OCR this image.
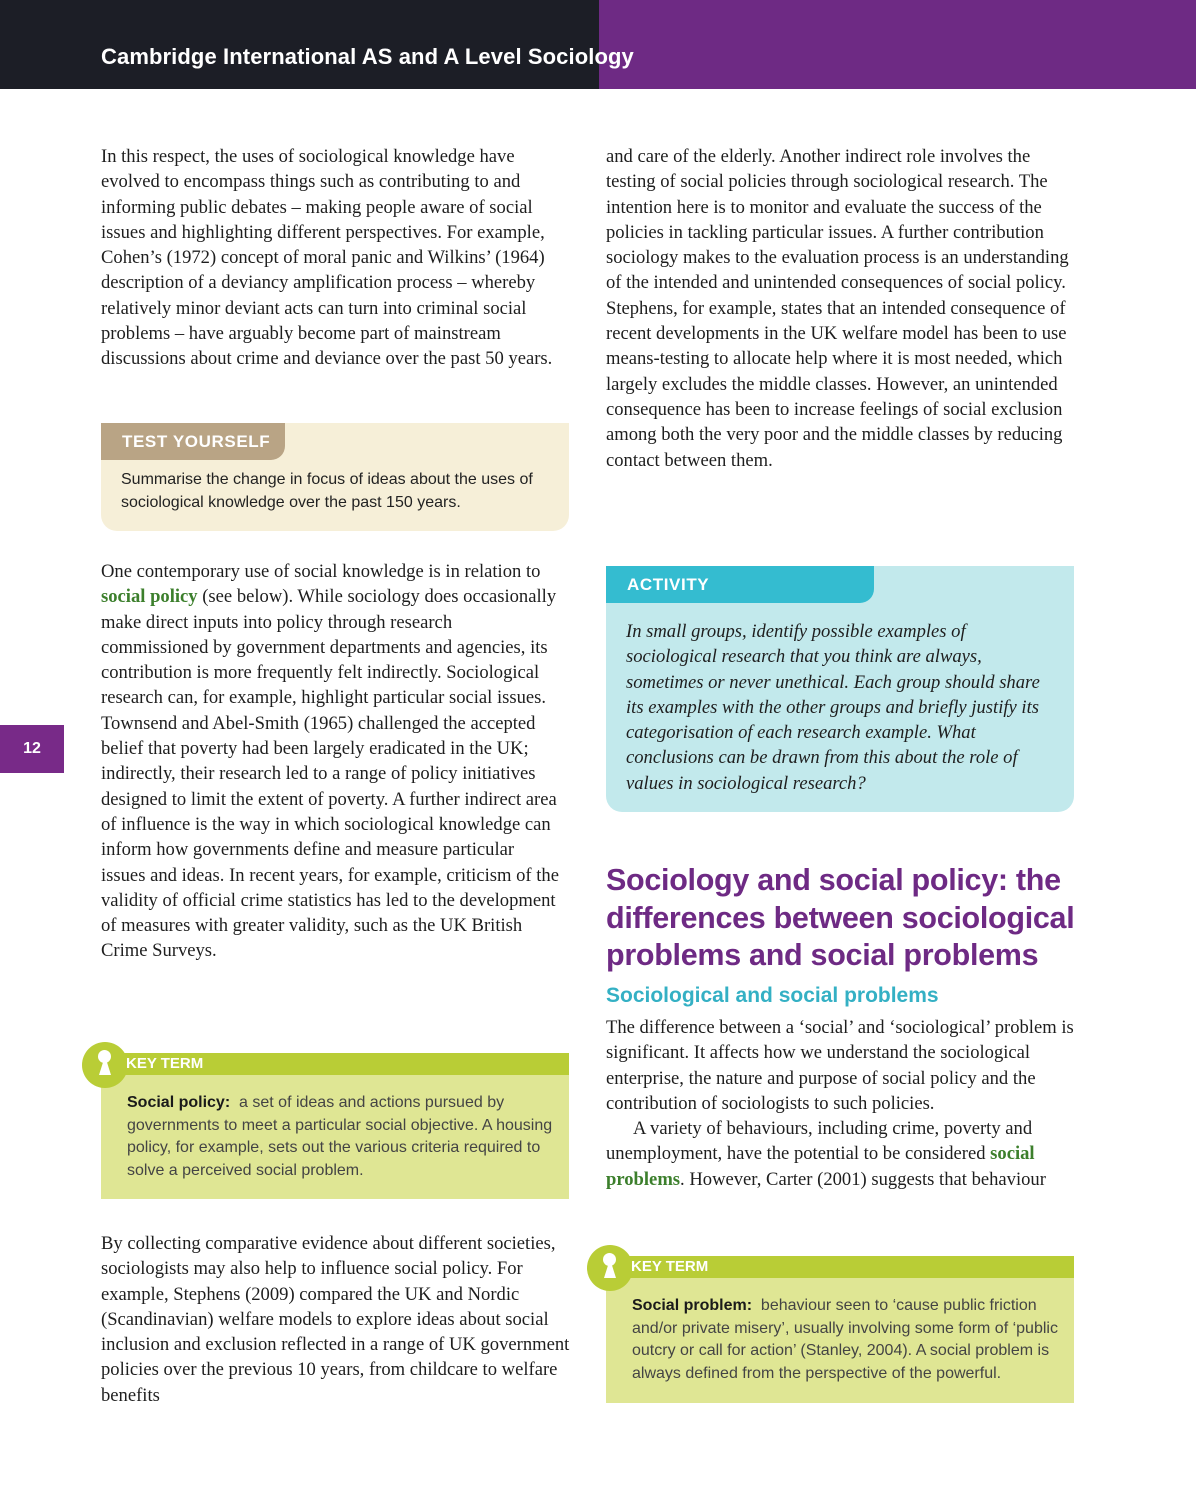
Cambridge International AS and A Level Sociology
12

In this respect, the uses of sociological knowledge have evolved to encompass things such as contributing to and informing public debates – making people aware of social issues and highlighting different perspectives. For example, Cohen’s (1972) concept of moral panic and Wilkins’ (1964) description of a deviancy amplification process – whereby relatively minor deviant acts can turn into criminal social problems – have arguably become part of mainstream discussions about crime and deviance over the past 50 years.

TEST YOURSELF

Summarise the change in focus of ideas about the uses of sociological knowledge over the past 150 years.

One contemporary use of social knowledge is in relation to social policy (see below). While sociology does occasionally make direct inputs into policy through research commissioned by government departments and agencies, its contribution is more frequently felt indirectly. Sociological research can, for example, highlight particular social issues. Townsend and Abel-Smith (1965) challenged the accepted belief that poverty had been largely eradicated in the UK; indirectly, their research led to a range of policy initiatives designed to limit the extent of poverty. A further indirect area of influence is the way in which sociological knowledge can inform how governments define and measure particular issues and ideas. In recent years, for example, criticism of the validity of official crime statistics has led to the development of measures with greater validity, such as the UK British Crime Surveys.

KEY TERM

Social policy: a set of ideas and actions pursued by governments to meet a particular social objective. A housing policy, for example, sets out the various criteria required to solve a perceived social problem.

By collecting comparative evidence about different societies, sociologists may also help to influence social policy. For example, Stephens (2009) compared the UK and Nordic (Scandinavian) welfare models to explore ideas about social inclusion and exclusion reflected in a range of UK government policies over the previous 10 years, from childcare to welfare benefits

and care of the elderly. Another indirect role involves the testing of social policies through sociological research. The intention here is to monitor and evaluate the success of the policies in tackling particular issues. A further contribution sociology makes to the evaluation process is an understanding of the intended and unintended consequences of social policy. Stephens, for example, states that an intended consequence of recent developments in the UK welfare model has been to use means-testing to allocate help where it is most needed, which largely excludes the middle classes. However, an unintended consequence has been to increase feelings of social exclusion among both the very poor and the middle classes by reducing contact between them.

ACTIVITY

In small groups, identify possible examples of sociological research that you think are always, sometimes or never unethical. Each group should share its examples with the other groups and briefly justify its categorisation of each research example. What conclusions can be drawn from this about the role of values in sociological research?

Sociology and social policy: the differences between sociological problems and social problems
Sociological and social problems

The difference between a ‘social’ and ‘sociological’ problem is significant. It affects how we understand the sociological enterprise, the nature and purpose of social policy and the contribution of sociologists to such policies.
A variety of behaviours, including crime, poverty and unemployment, have the potential to be considered social problems. However, Carter (2001) suggests that behaviour

KEY TERM

Social problem: behaviour seen to ‘cause public friction and/or private misery’, usually involving some form of ‘public outcry or call for action’ (Stanley, 2004). A social problem is always defined from the perspective of the powerful.
